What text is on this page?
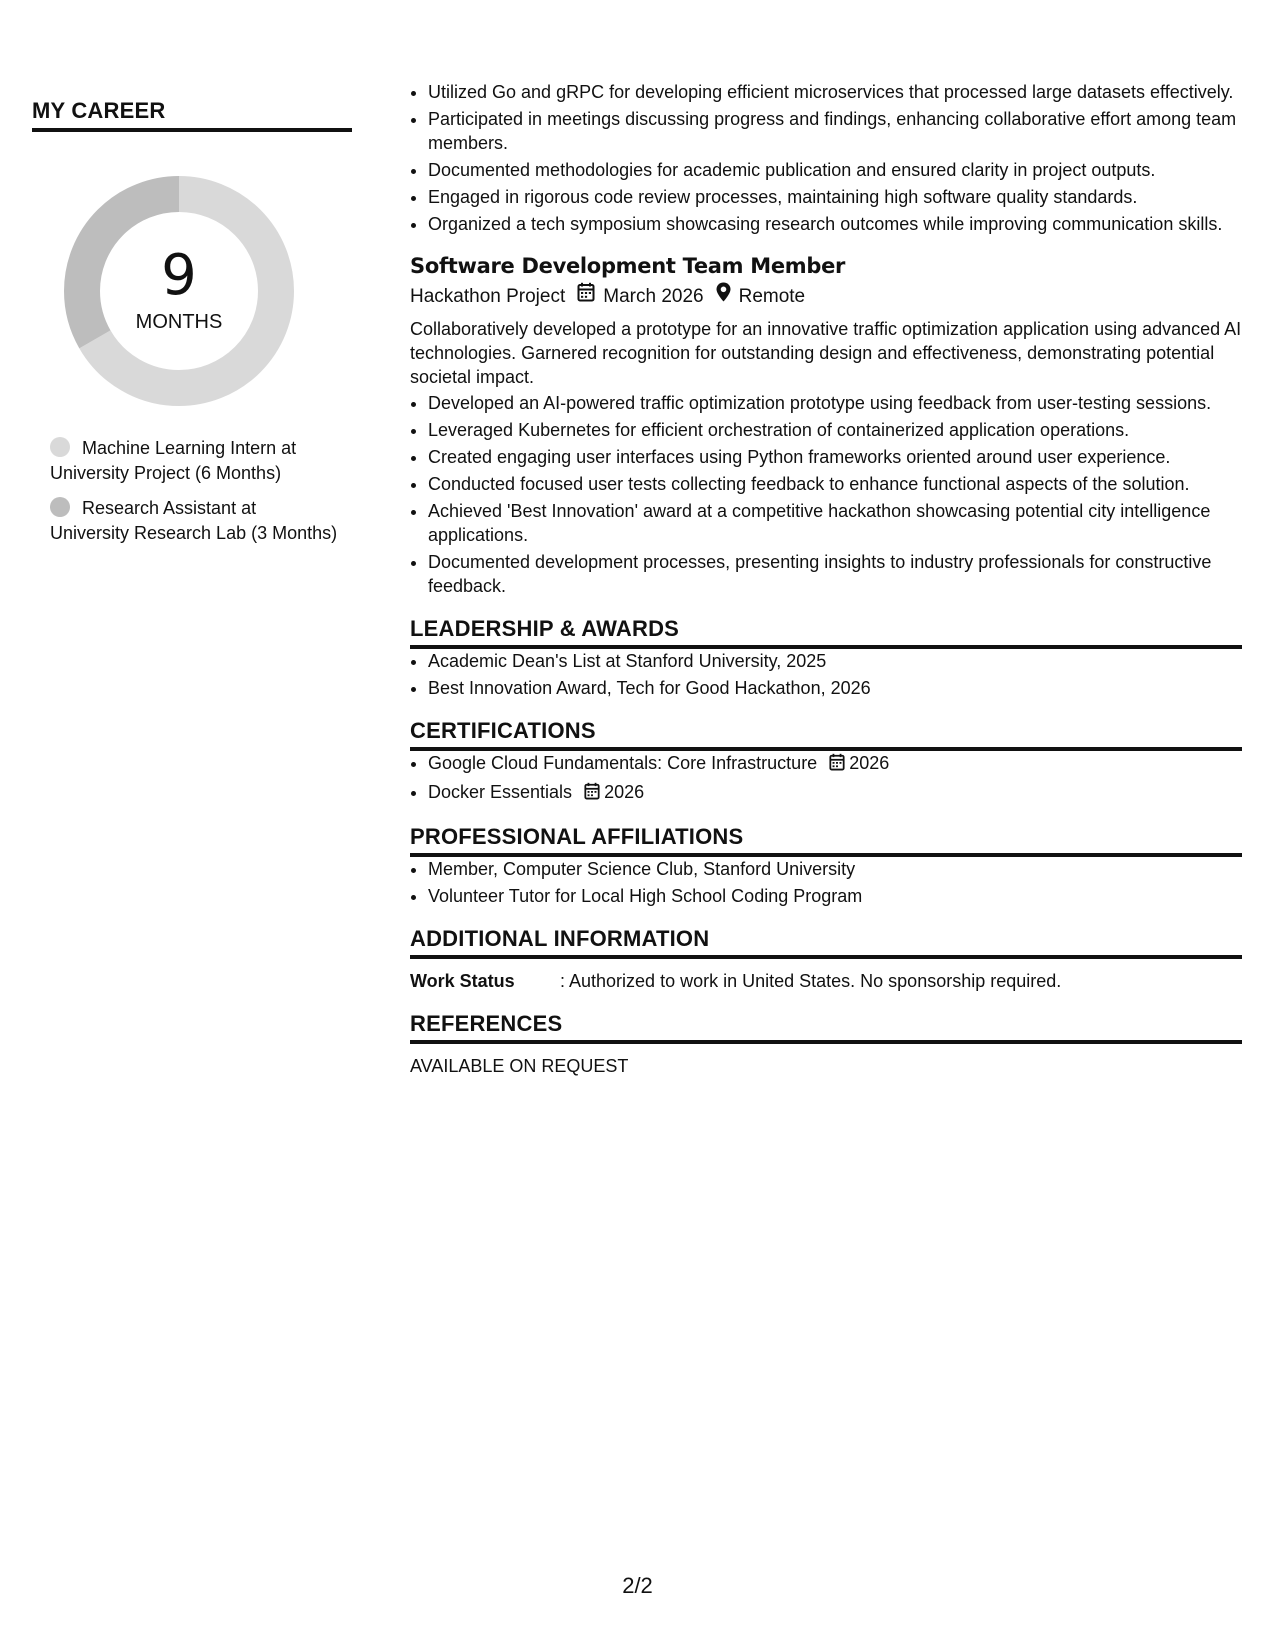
MY CAREER
9
MONTHS
Machine Learning Intern at University Project (6 Months)
Research Assistant at University Research Lab (3 Months)
• Utilized Go and gRPC for developing efficient microservices that processed large datasets effectively.
• Participated in meetings discussing progress and findings, enhancing collaborative effort among team members.
• Documented methodologies for academic publication and ensured clarity in project outputs.
• Engaged in rigorous code review processes, maintaining high software quality standards.
• Organized a tech symposium showcasing research outcomes while improving communication skills.
Software Development Team Member
Hackathon Project March 2026 Remote

Collaboratively developed a prototype for an innovative traffic optimization application using advanced AI technologies. Garnered recognition for outstanding design and effectiveness, demonstrating potential societal impact.

• Developed an AI-powered traffic optimization prototype using feedback from user-testing sessions.
• Leveraged Kubernetes for efficient orchestration of containerized application operations.
• Created engaging user interfaces using Python frameworks oriented around user experience.
• Conducted focused user tests collecting feedback to enhance functional aspects of the solution.
• Achieved 'Best Innovation' award at a competitive hackathon showcasing potential city intelligence applications.
• Documented development processes, presenting insights to industry professionals for constructive feedback.
LEADERSHIP & AWARDS
• Academic Dean's List at Stanford University, 2025
• Best Innovation Award, Tech for Good Hackathon, 2026
CERTIFICATIONS
• Google Cloud Fundamentals: Core Infrastructure 2026
• Docker Essentials 2026
PROFESSIONAL AFFILIATIONS
• Member, Computer Science Club, Stanford University
• Volunteer Tutor for Local High School Coding Program
ADDITIONAL INFORMATION
Work Status	: Authorized to work in United States. No sponsorship required.
REFERENCES
AVAILABLE ON REQUEST
2/2
